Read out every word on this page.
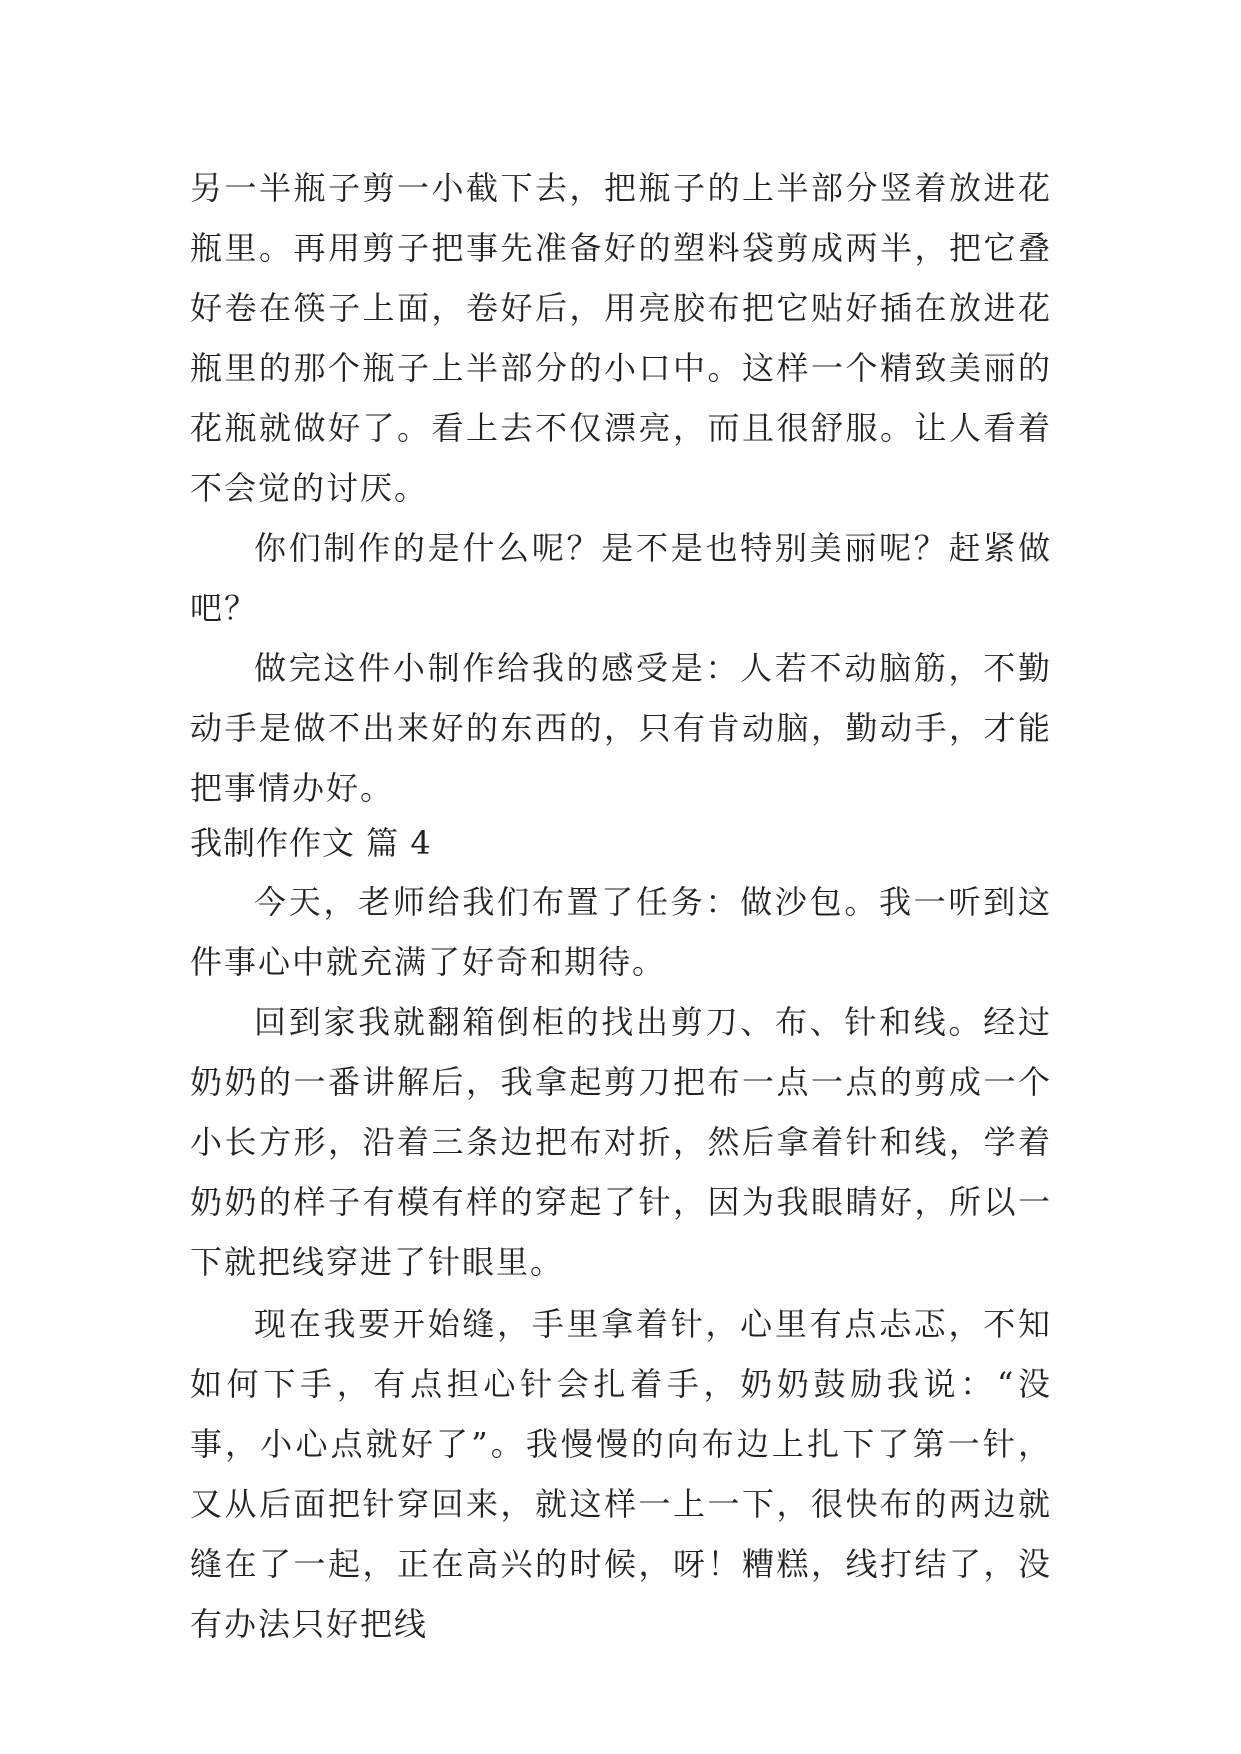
另一半瓶子剪一小截下去，把瓶子的上半部分竖着放进花瓶里。再用剪子把事先准备好的塑料袋剪成两半，把它叠好卷在筷子上面，卷好后，用亮胶布把它贴好插在放进花瓶里的那个瓶子上半部分的小口中。这样一个精致美丽的花瓶就做好了。看上去不仅漂亮，而且很舒服。让人看着不会觉的讨厌。

你们制作的是什么呢？是不是也特别美丽呢？赶紧做吧？

做完这件小制作给我的感受是：人若不动脑筋，不勤动手是做不出来好的东西的，只有肯动脑，勤动手，才能把事情办好。

我制作作文 篇 4

今天，老师给我们布置了任务：做沙包。我一听到这件事心中就充满了好奇和期待。

回到家我就翻箱倒柜的找出剪刀、布、针和线。经过奶奶的一番讲解后，我拿起剪刀把布一点一点的剪成一个小长方形，沿着三条边把布对折，然后拿着针和线，学着奶奶的样子有模有样的穿起了针，因为我眼睛好，所以一下就把线穿进了针眼里。

现在我要开始缝，手里拿着针，心里有点忐忑，不知如何下手，有点担心针会扎着手，奶奶鼓励我说：“没事，小心点就好了”。我慢慢的向布边上扎下了第一针，又从后面把针穿回来，就这样一上一下，很快布的两边就缝在了一起，正在高兴的时候，呀！糟糕，线打结了，没有办法只好把线
